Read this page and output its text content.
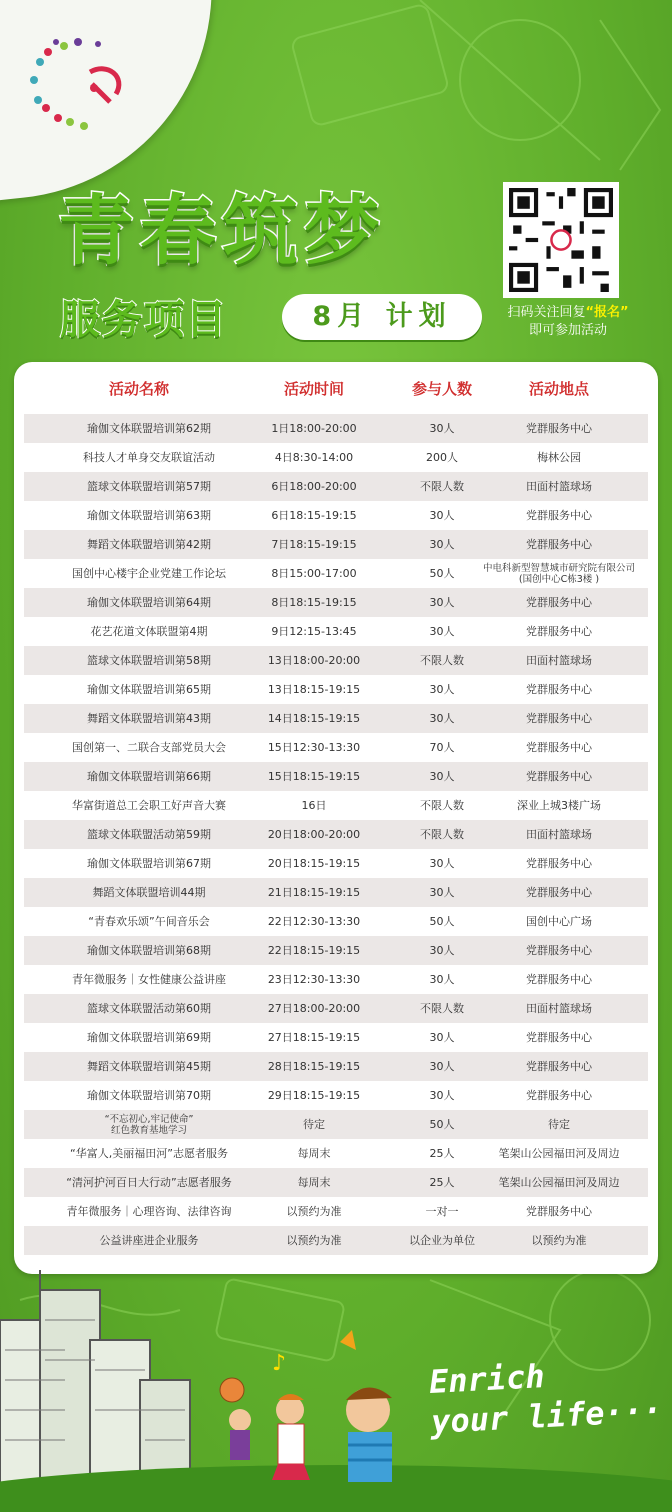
青春筑梦
服务项目	8月 计划	扫码关注回复“报名”
即可参加活动
活动名称	活动时间	参与人数	活动地点
瑜伽文体联盟培训第62期	1日18:00-20:00	30人	党群服务中心
科技人才单身交友联谊活动	4日8:30-14:00	200人	梅林公园
篮球文体联盟培训第57期	6日18:00-20:00	不限人数	田面村篮球场
瑜伽文体联盟培训第63期	6日18:15-19:15	30人	党群服务中心
舞蹈文体联盟培训第42期	7日18:15-19:15	30人	党群服务中心
国创中心楼宇企业党建工作论坛	8日15:00-17:00	50人	中电科新型智慧城市研究院有限公司
(国创中心C栋3楼 )
瑜伽文体联盟培训第64期	8日18:15-19:15	30人	党群服务中心
花艺花道文体联盟第4期	9日12:15-13:45	30人	党群服务中心
篮球文体联盟培训第58期	13日18:00-20:00	不限人数	田面村篮球场
瑜伽文体联盟培训第65期	13日18:15-19:15	30人	党群服务中心
舞蹈文体联盟培训第43期	14日18:15-19:15	30人	党群服务中心
国创第一、二联合支部党员大会	15日12:30-13:30	70人	党群服务中心
瑜伽文体联盟培训第66期	15日18:15-19:15	30人	党群服务中心
华富街道总工会职工好声音大赛	16日	不限人数	深业上城3楼广场
篮球文体联盟活动第59期	20日18:00-20:00	不限人数	田面村篮球场
瑜伽文体联盟培训第67期	20日18:15-19:15	30人	党群服务中心
舞蹈文体联盟培训44期	21日18:15-19:15	30人	党群服务中心
“青春欢乐颂”午间音乐会	22日12:30-13:30	50人	国创中心广场
瑜伽文体联盟培训第68期	22日18:15-19:15	30人	党群服务中心
青年微服务｜女性健康公益讲座	23日12:30-13:30	30人	党群服务中心
篮球文体联盟活动第60期	27日18:00-20:00	不限人数	田面村篮球场
瑜伽文体联盟培训第69期	27日18:15-19:15	30人	党群服务中心
舞蹈文体联盟培训第45期	28日18:15-19:15	30人	党群服务中心
瑜伽文体联盟培训第70期	29日18:15-19:15	30人	党群服务中心
“不忘初心,牢记使命”
红色教育基地学习	待定	50人	待定
“华富人,美丽福田河”志愿者服务	每周末	25人	笔架山公园福田河及周边
“清河护河百日大行动”志愿者服务	每周末	25人	笔架山公园福田河及周边
青年微服务｜心理咨询、法律咨询	以预约为准	一对一	党群服务中心
公益讲座进企业服务	以预约为准	以企业为单位	以预约为准
♪	Enrich
your life···
